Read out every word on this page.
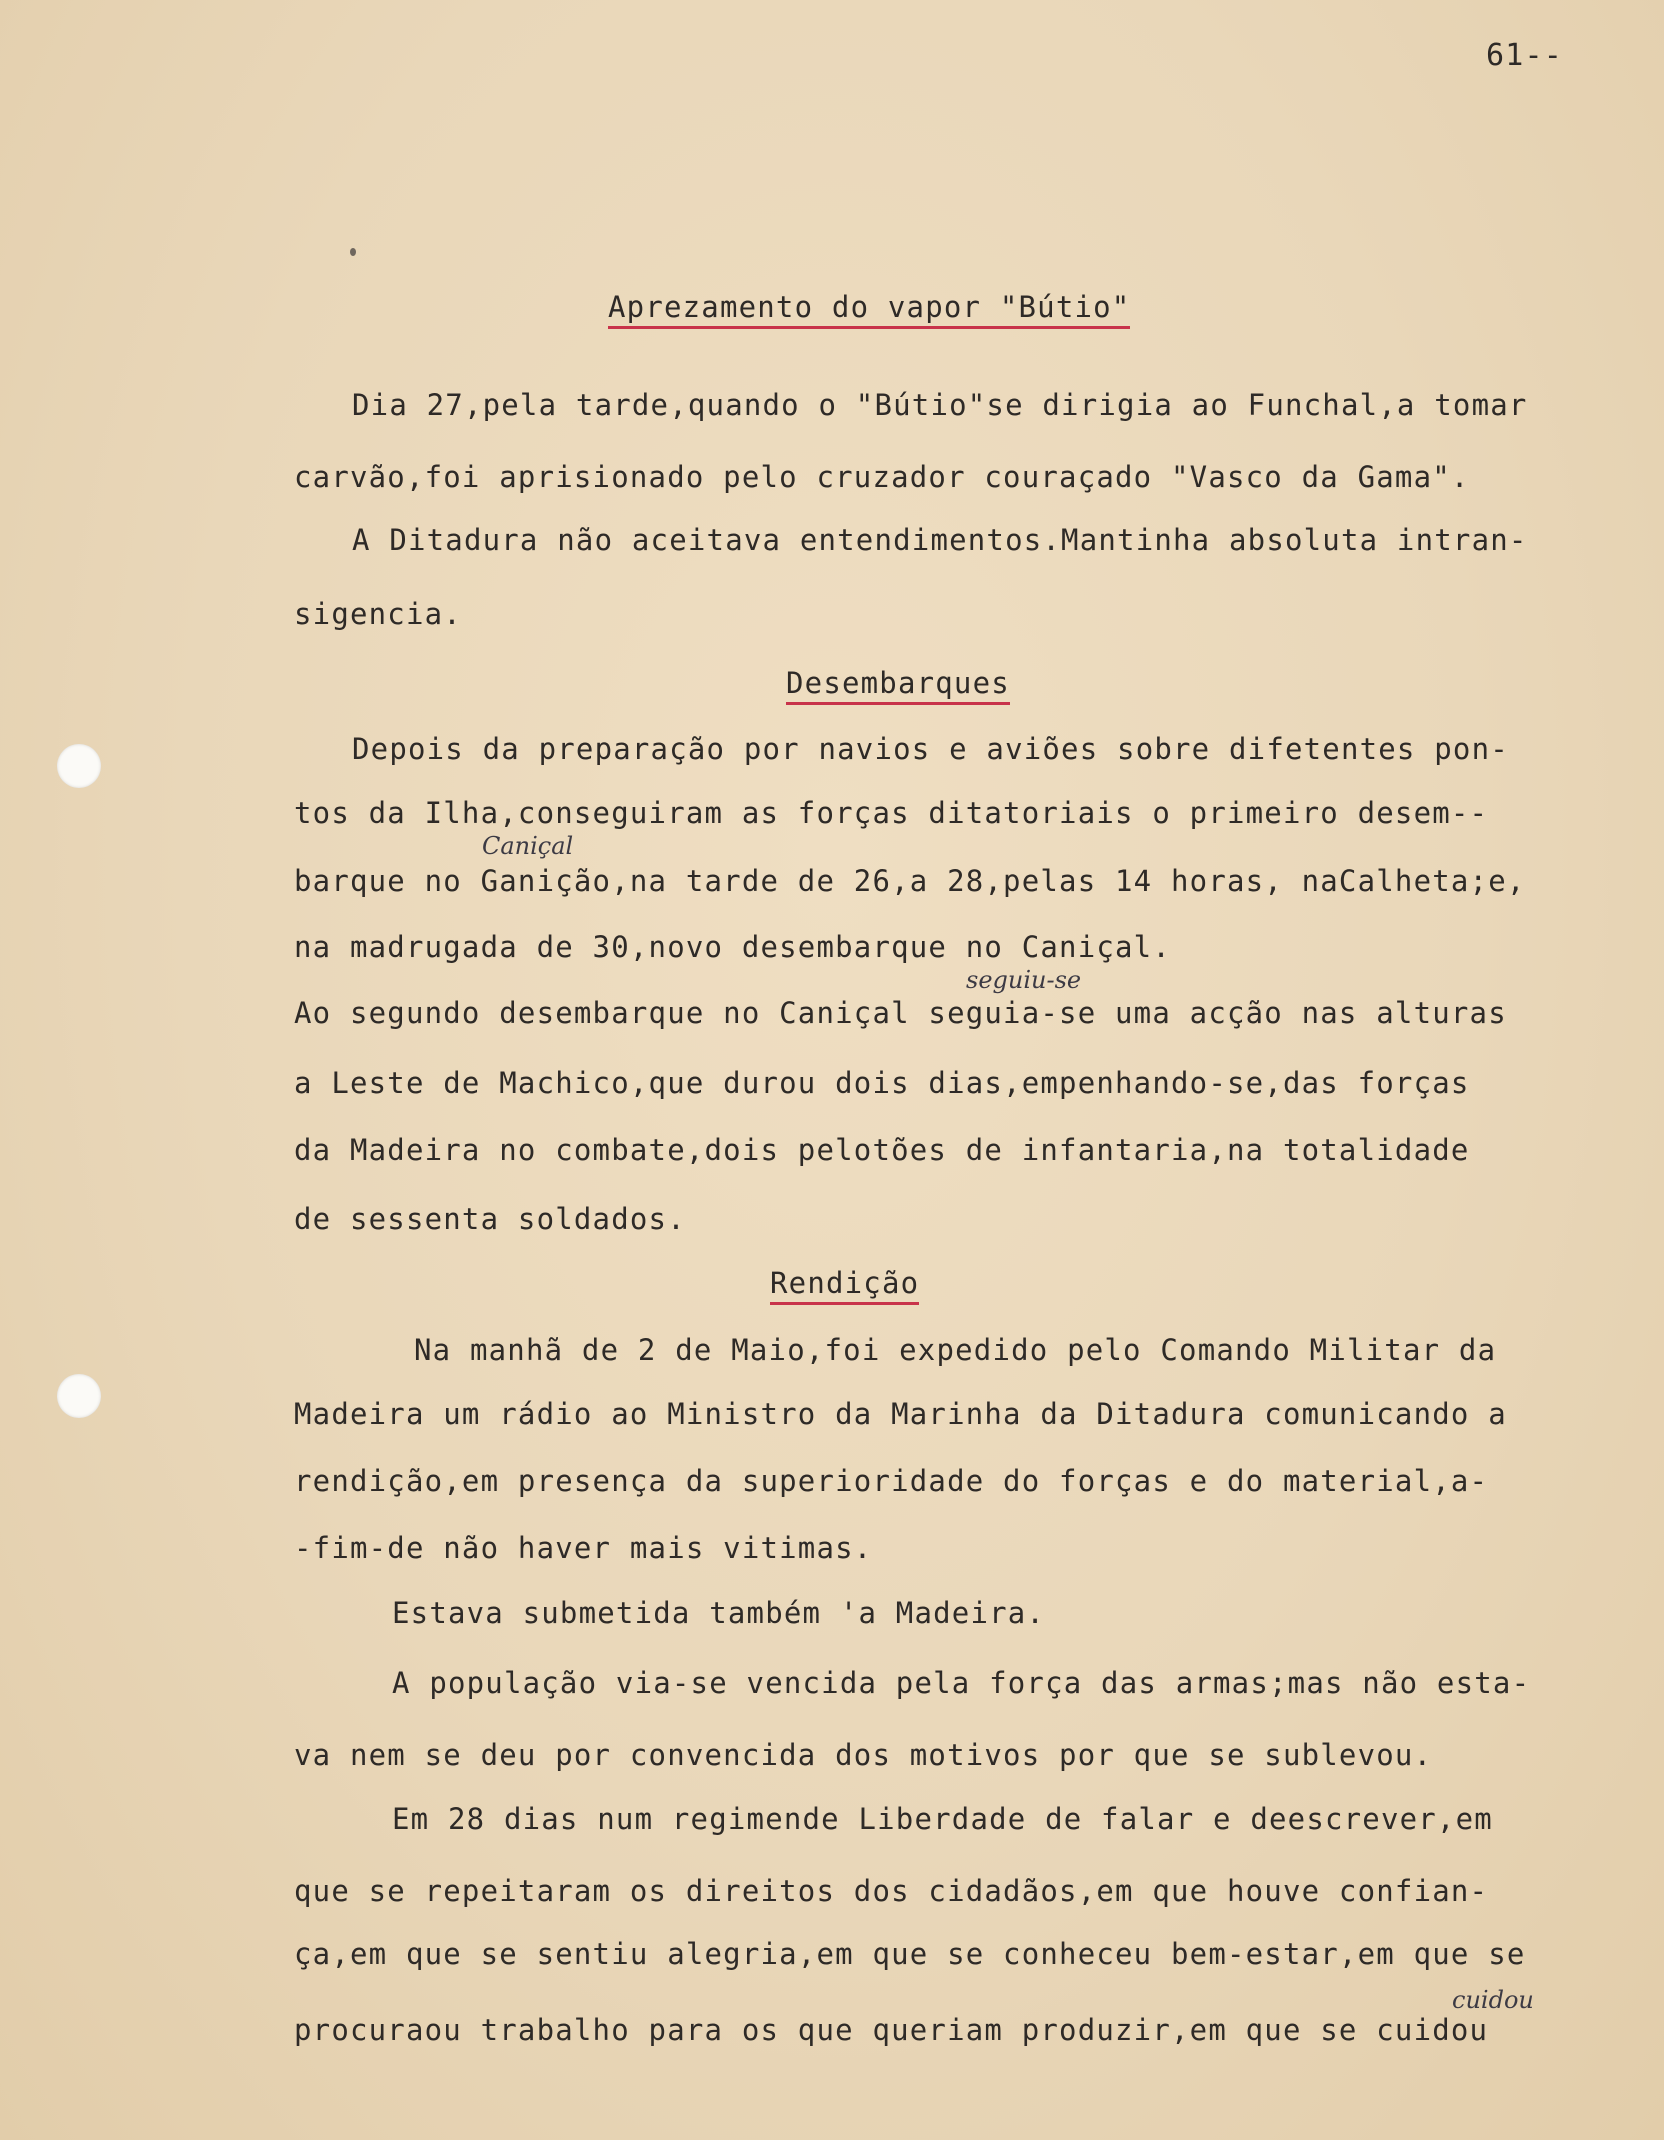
61--
Aprezamento do vapor "Bútio"
Dia 27,pela tarde,quando o "Bútio"se dirigia ao Funchal,a tomar
carvão,foi aprisionado pelo cruzador couraçado "Vasco da Gama".
A Ditadura não aceitava entendimentos.Mantinha absoluta intran-
sigencia.
Desembarques
Depois da preparação por navios e aviões sobre difetentes pon-
tos da Ilha,conseguiram as forças ditatoriais o primeiro desem--
Caniçal
barque no Ganição,na tarde de 26,a 28,pelas 14 horas, naCalheta;e,
na madrugada de 30,novo desembarque no Caniçal.
seguiu-se
Ao segundo desembarque no Caniçal seguia-se uma acção nas alturas
a Leste de Machico,que durou dois dias,empenhando-se,das forças
da Madeira no combate,dois pelotões de infantaria,na totalidade
de sessenta soldados.
Rendição
Na manhã de 2 de Maio,foi expedido pelo Comando Militar da
Madeira um rádio ao Ministro da Marinha da Ditadura comunicando a
rendição,em presença da superioridade do forças e do material,a-
-fim-de não haver mais vitimas.
Estava submetida também 'a Madeira.
A população via-se vencida pela força das armas;mas não esta-
va nem se deu por convencida dos motivos por que se sublevou.
Em 28 dias num regimende Liberdade de falar e deescrever,em
que se repeitaram os direitos dos cidadãos,em que houve confian-
ça,em que se sentiu alegria,em que se conheceu bem-estar,em que se
cuidou
procuraou trabalho para os que queriam produzir,em que se cuidou
